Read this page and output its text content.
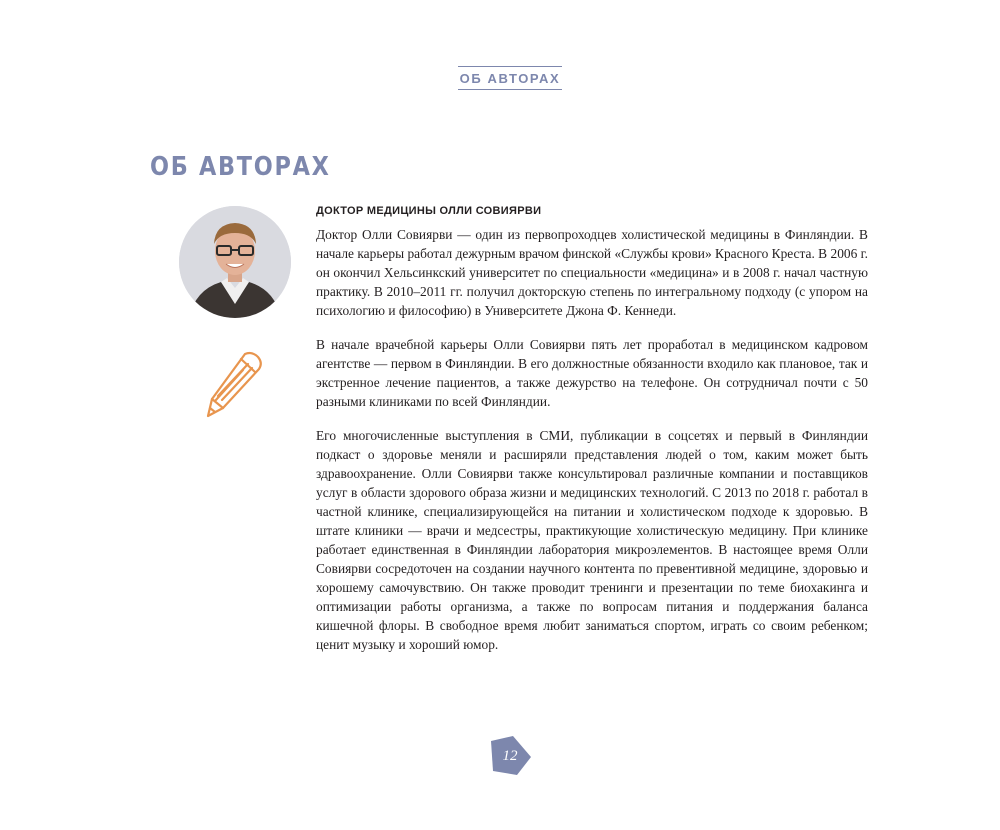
ОБ АВТОРАХ
ОБ АВТОРАХ
ДОКТОР МЕДИЦИНЫ ОЛЛИ СОВИЯРВИ

Доктор Олли Совиярви — один из первопроходцев холистической медицины в Финляндии. В начале карьеры работал дежурным врачом финской «Службы крови» Красного Креста. В 2006 г. он окончил Хельсинкский университет по специальности «медицина» и в 2008 г. начал частную практику. В 2010–2011 гг. получил докторскую степень по интегральному подходу (с упором на психологию и философию) в Университете Джона Ф. Кеннеди.

В начале врачебной карьеры Олли Совиярви пять лет проработал в медицинском кадровом агентстве — первом в Финляндии. В его должностные обязанности входило как плановое, так и экстренное лечение пациентов, а также дежурство на телефоне. Он сотрудничал почти с 50 разными клиниками по всей Финляндии.

Его многочисленные выступления в СМИ, публикации в соцсетях и первый в Финляндии подкаст о здоровье меняли и расширяли представления людей о том, каким может быть здравоохранение. Олли Совиярви также консультировал различные компании и поставщиков услуг в области здорового образа жизни и медицинских технологий. С 2013 по 2018 г. работал в частной клинике, специализирующейся на питании и холистическом подходе к здоровью. В штате клиники — врачи и медсестры, практикующие холистическую медицину. При клинике работает единственная в Финляндии лаборатория микроэлементов. В настоящее время Олли Совиярви сосредоточен на создании научного контента по превентивной медицине, здоровью и хорошему самочувствию. Он также проводит тренинги и презентации по теме биохакинга и оптимизации работы организма, а также по вопросам питания и поддержания баланса кишечной флоры. В свободное время любит заниматься спортом, играть со своим ребенком; ценит музыку и хороший юмор.

12
